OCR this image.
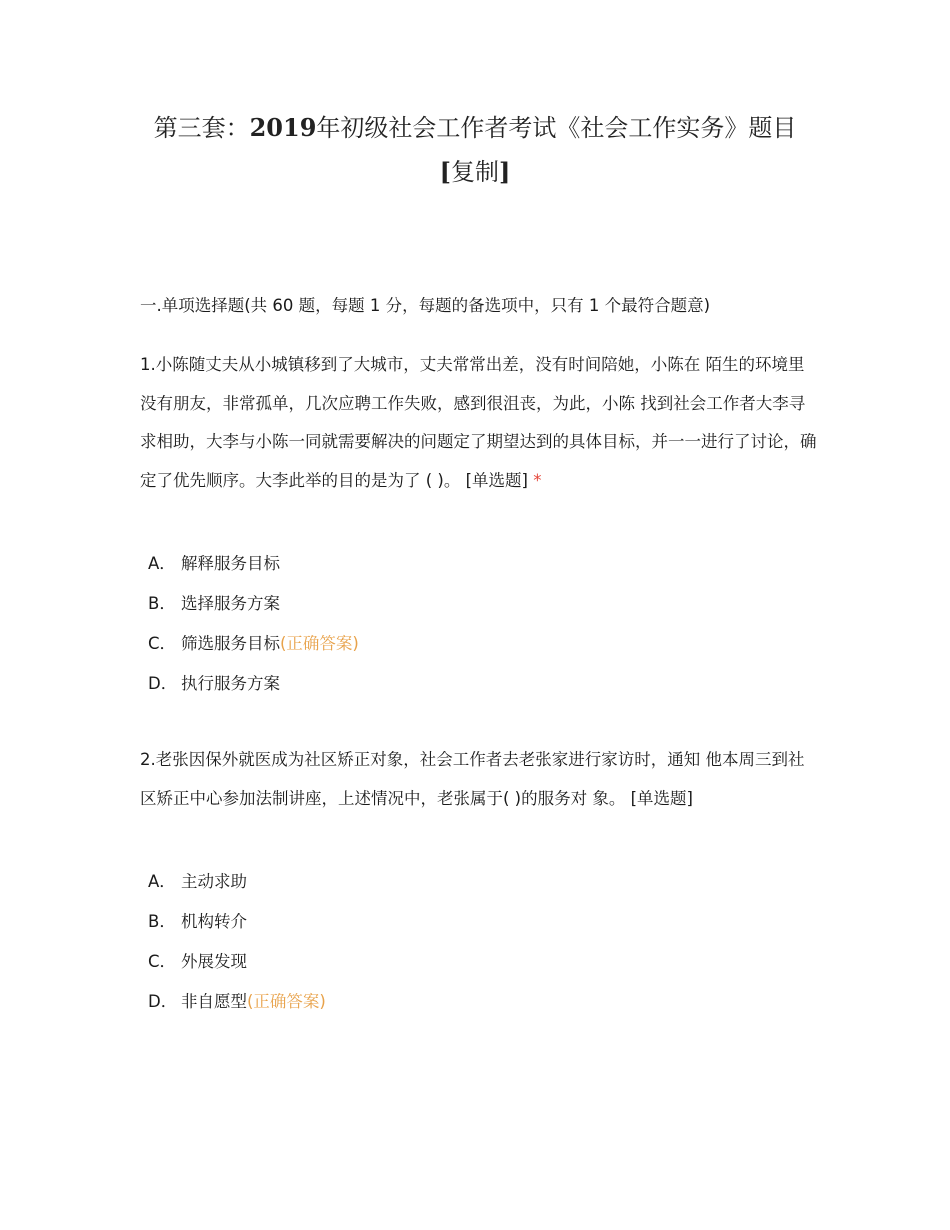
第三套：2019年初级社会工作者考试《社会工作实务》题目
[复制]
一.单项选择题(共 60 题，每题 1 分，每题的备选项中，只有 1 个最符合题意)
1.小陈随丈夫从小城镇移到了大城市，丈夫常常出差，没有时间陪她，小陈在 陌生的环境里没有朋友，非常孤单，几次应聘工作失败，感到很沮丧，为此，小陈 找到社会工作者大李寻求相助，大李与小陈一同就需要解决的问题定了期望达到的具体目标，并一一进行了讨论，确定了优先顺序。大李此举的目的是为了 ( )。 [单选题] *
A． 解释服务目标
B． 选择服务方案
C． 筛选服务目标(正确答案)
D． 执行服务方案
2.老张因保外就医成为社区矫正对象，社会工作者去老张家进行家访时，通知 他本周三到社区矫正中心参加法制讲座，上述情况中，老张属于( )的服务对 象。 [单选题]
A． 主动求助
B． 机构转介
C． 外展发现
D． 非自愿型(正确答案)
